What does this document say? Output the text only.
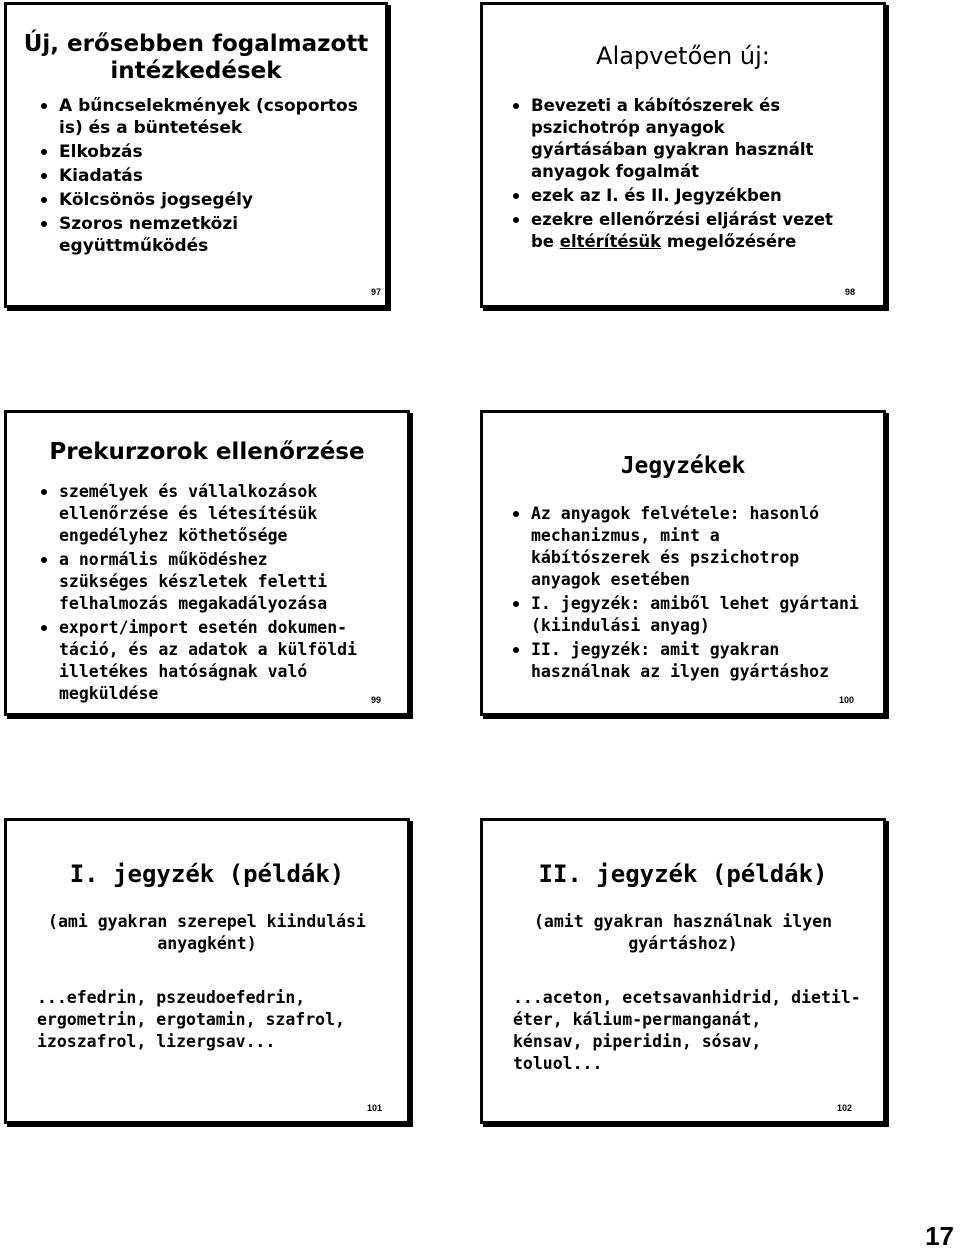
Új, erősebben fogalmazott
intézkedések
A bűncselekmények (csoportos
is) és a büntetések
Elkobzás
Kiadatás
Kölcsönös jogsegély
Szoros nemzetközi
együttműködés
97
Alapvetően új:
Bevezeti a kábítószerek és
pszichotróp anyagok
gyártásában gyakran használt
anyagok fogalmát
ezek az I. és II. Jegyzékben
ezekre ellenőrzési eljárást vezet
be eltérítésük megelőzésére
98
Prekurzorok ellenőrzése
személyek és vállalkozások
ellenőrzése és létesítésük
engedélyhez köthetősége
a normális működéshez
szükséges készletek feletti
felhalmozás megakadályozása
export/import esetén dokumen-
táció, és az adatok a külföldi
illetékes hatóságnak való
megküldése	99
Jegyzékek
Az anyagok felvétele: hasonló
mechanizmus, mint a
kábítószerek és pszichotrop
anyagok esetében
I. jegyzék: amiből lehet gyártani
(kiindulási anyag)
II. jegyzék: amit gyakran
használnak az ilyen gyártáshoz
100
I. jegyzék (példák)
(ami gyakran szerepel kiindulási
anyagként)
...efedrin, pszeudoefedrin,
ergometrin, ergotamin, szafrol,
izoszafrol, lizergsav...
101
II. jegyzék (példák)
(amit gyakran használnak ilyen
gyártáshoz)
...aceton, ecetsavanhidrid, dietil-
éter, kálium-permanganát,
kénsav, piperidin, sósav,
toluol...
102
17
